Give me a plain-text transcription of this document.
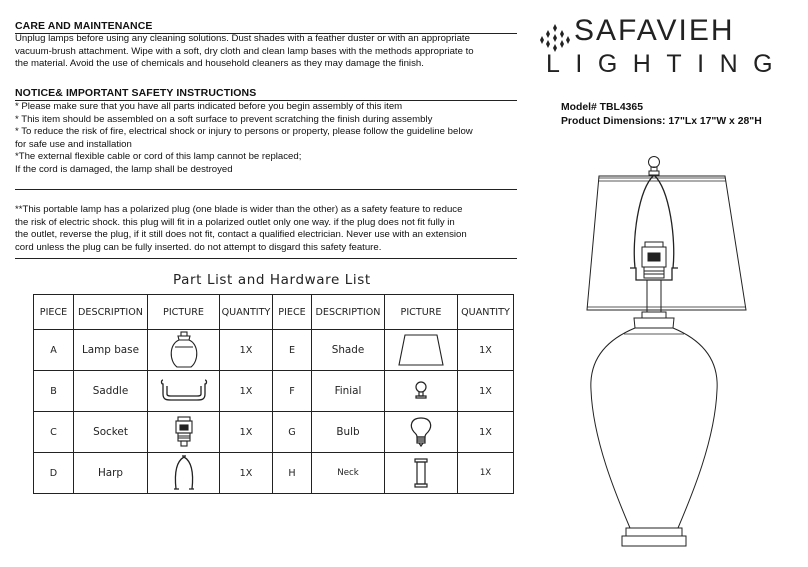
CARE AND MAINTENANCE
Unplug lamps before using any cleaning solutions. Dust shades with a feather duster or with an appropriate
vacuum-brush attachment. Wipe with a soft, dry cloth and clean lamp bases with the methods appropriate to
the material. Avoid the use of chemicals and household cleaners as they may damage the finish.
NOTICE& IMPORTANT SAFETY INSTRUCTIONS
* Please make sure that you have all parts indicated before you begin assembly of this item
* This item should be assembled on a soft surface to prevent scratching the finish during assembly
* To reduce the risk of fire, electrical shock or injury to persons or property, please follow the guideline below
for safe use and installation
*The external flexible cable or cord of this lamp cannot be replaced;
If the cord is damaged, the lamp shall be destroyed
**This portable lamp has a polarized plug (one blade is wider than the other) as a safety feature to reduce
the risk of electric shock. this plug will fit in a polarized outlet only one way. if the plug does not fit fully in
the outlet, reverse the plug, if it still does not fit, contact a qualified electrician. Never use with an extension
cord unless the plug can be fully inserted. do not attempt to disgard this safety feature.
SAFAVIEH
LIGHTING
Model# TBL4365
Product Dimensions: 17"Lx 17"W x 28"H
Part List and Hardware List
PIECE	DESCRIPTION	PICTURE	QUANTITY	PIECE	DESCRIPTION	PICTURE	QUANTITY
A	Lamp base		1X	E	Shade		1X
B	Saddle		1X	F	Finial		1X
C	Socket		1X	G	Bulb		1X
D	Harp		1X	H	Neck		1X
